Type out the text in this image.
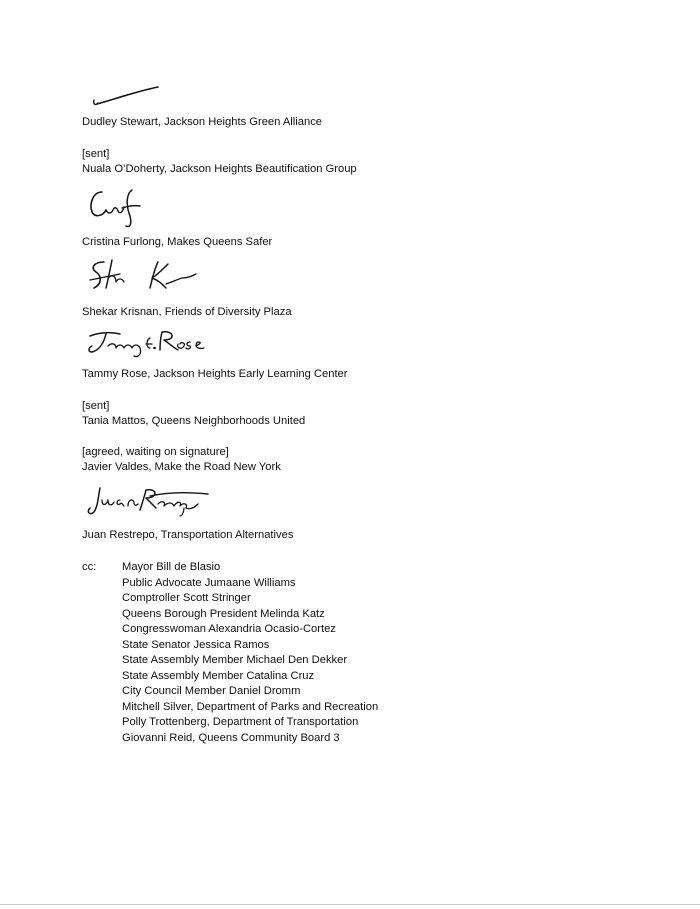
Dudley Stewart, Jackson Heights Green Alliance
[sent]
Nuala O’Doherty, Jackson Heights Beautification Group
Cristina Furlong, Makes Queens Safer
Shekar Krisnan, Friends of Diversity Plaza
Tammy Rose, Jackson Heights Early Learning Center
[sent]
Tania Mattos, Queens Neighborhoods United
[agreed, waiting on signature]
Javier Valdes, Make the Road New York
Juan Restrepo, Transportation Alternatives
cc: Mayor Bill de Blasio
Public Advocate Jumaane Williams
Comptroller Scott Stringer
Queens Borough President Melinda Katz
Congresswoman Alexandria Ocasio-Cortez
State Senator Jessica Ramos
State Assembly Member Michael Den Dekker
State Assembly Member Catalina Cruz
City Council Member Daniel Dromm
Mitchell Silver, Department of Parks and Recreation
Polly Trottenberg, Department of Transportation
Giovanni Reid, Queens Community Board 3
